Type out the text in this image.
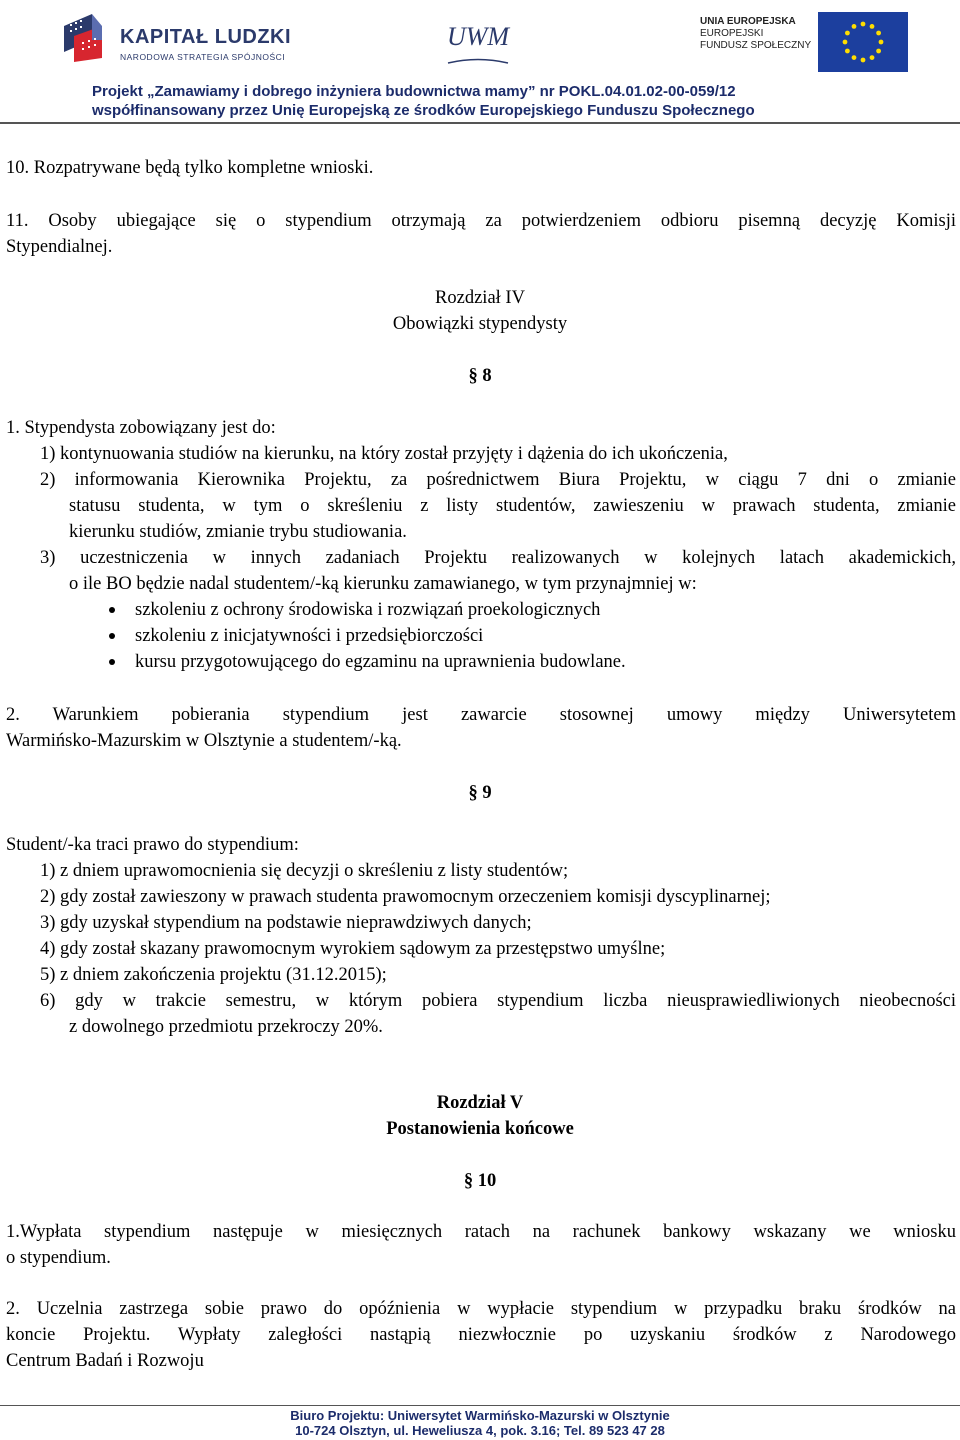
KAPITAŁ LUDZKI
NARODOWA STRATEGIA SPÓJNOŚCI
UWM
UNIA EUROPEJSKA
EUROPEJSKI
FUNDUSZ SPOŁECZNY
Projekt „Zamawiamy i dobrego inżyniera budownictwa mamy” nr POKL.04.01.02-00-059/12
współfinansowany przez Unię Europejską ze środków Europejskiego Funduszu Społecznego
10. Rozpatrywane będą tylko kompletne wnioski.
11. Osoby ubiegające się o stypendium otrzymają za potwierdzeniem odbioru pisemną decyzję Komisji
Stypendialnej.
Rozdział IV
Obowiązki stypendysty
§ 8
1. Stypendysta zobowiązany jest do:
1) kontynuowania studiów na kierunku, na który został przyjęty i dążenia do ich ukończenia,
2) informowania Kierownika Projektu, za pośrednictwem Biura Projektu, w ciągu 7 dni o zmianie
statusu studenta, w tym o skreśleniu z listy studentów, zawieszeniu w prawach studenta, zmianie
kierunku studiów, zmianie trybu studiowania.
3) uczestniczenia w innych zadaniach Projektu realizowanych w kolejnych latach akademickich,
o ile BO będzie nadal studentem/-ką kierunku zamawianego, w tym przynajmniej w:
szkoleniu z ochrony środowiska i rozwiązań proekologicznych
szkoleniu z inicjatywności i przedsiębiorczości
kursu przygotowującego do egzaminu na uprawnienia budowlane.
2. Warunkiem pobierania stypendium jest zawarcie stosownej umowy między Uniwersytetem
Warmińsko-Mazurskim w Olsztynie a studentem/-ką.
§ 9
Student/-ka traci prawo do stypendium:
1) z dniem uprawomocnienia się decyzji o skreśleniu z listy studentów;
2) gdy został zawieszony w prawach studenta prawomocnym orzeczeniem komisji dyscyplinarnej;
3) gdy uzyskał stypendium na podstawie nieprawdziwych danych;
4) gdy został skazany prawomocnym wyrokiem sądowym za przestępstwo umyślne;
5) z dniem zakończenia projektu (31.12.2015);
6) gdy w trakcie semestru, w którym pobiera stypendium liczba nieusprawiedliwionych nieobecności
z dowolnego przedmiotu przekroczy 20%.
Rozdział V
Postanowienia końcowe
§ 10
1.Wypłata stypendium następuje w miesięcznych ratach na rachunek bankowy wskazany we wniosku
o stypendium.
2. Uczelnia zastrzega sobie prawo do opóźnienia w wypłacie stypendium w przypadku braku środków na
koncie Projektu. Wypłaty zaległości nastąpią niezwłocznie po uzyskaniu środków z Narodowego
Centrum Badań i Rozwoju
Biuro Projektu: Uniwersytet Warmińsko-Mazurski w Olsztynie
10-724 Olsztyn, ul. Heweliusza 4, pok. 3.16; Tel. 89 523 47 28
